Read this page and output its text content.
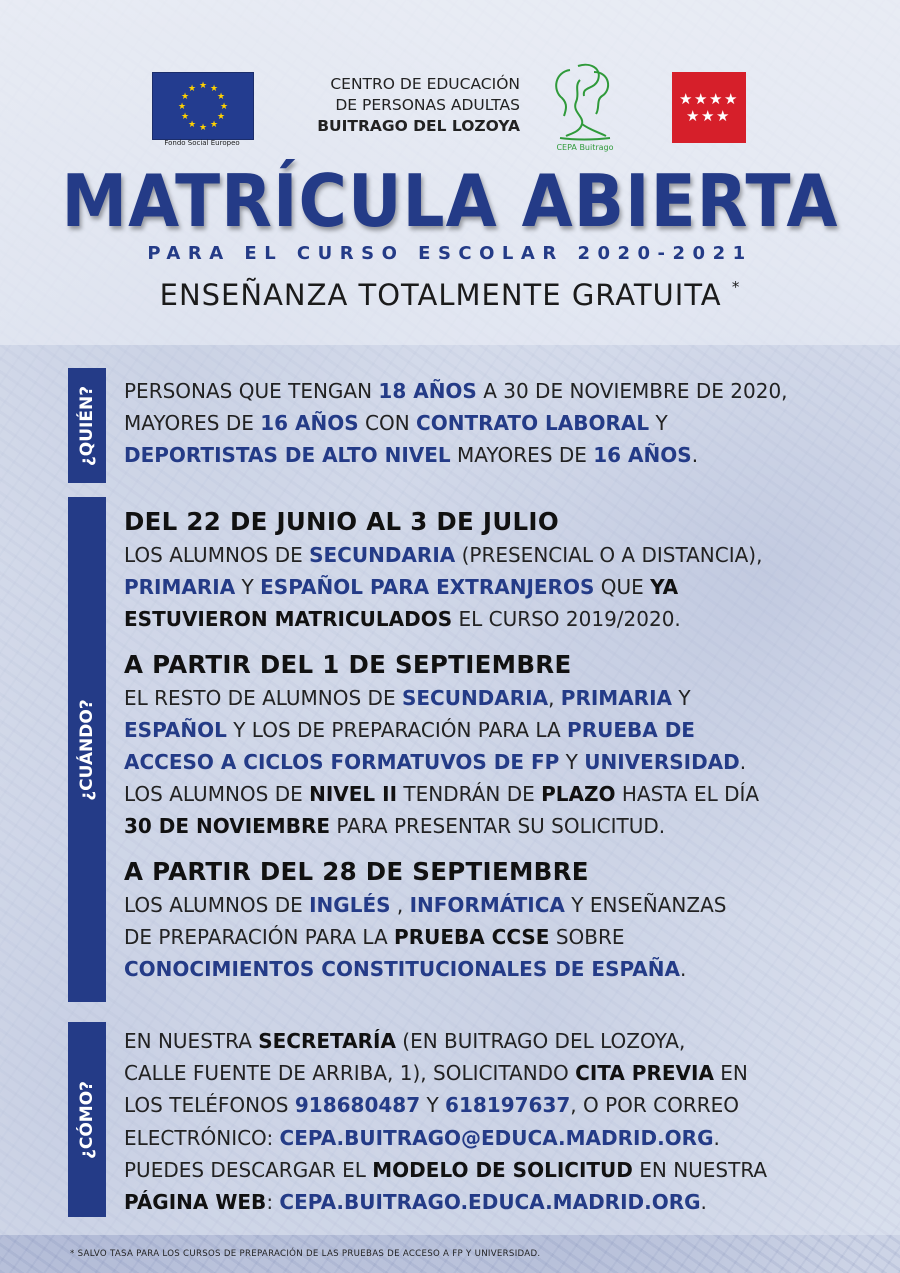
★ ★
★
★
★
★
★
★
★
★
★
★
Fondo Social Europeo
CENTRO DE EDUCACIÓN
DE PERSONAS ADULTAS
BUITRAGO DEL LOZOYA
CEPA Buitrago
★ ★ ★ ★
★ ★ ★
MATRÍCULA ABIERTA
PARA EL CURSO ESCOLAR 2020-2021
ENSEÑANZA TOTALMENTE GRATUITA *
¿QUIÉN? PERSONAS QUE TENGAN 18 AÑOS A 30 DE NOVIEMBRE DE 2020,
MAYORES DE 16 AÑOS CON CONTRATO LABORAL Y
DEPORTISTAS DE ALTO NIVEL MAYORES DE 16 AÑOS.
¿CUÁNDO?
DEL 22 DE JUNIO AL 3 DE JULIO
LOS ALUMNOS DE SECUNDARIA (PRESENCIAL O A DISTANCIA),
PRIMARIA Y ESPAÑOL PARA EXTRANJEROS QUE YA
ESTUVIERON MATRICULADOS EL CURSO 2019/2020.
A PARTIR DEL 1 DE SEPTIEMBRE
EL RESTO DE ALUMNOS DE SECUNDARIA, PRIMARIA Y
ESPAÑOL Y LOS DE PREPARACIÓN PARA LA PRUEBA DE
ACCESO A CICLOS FORMATUVOS DE FP Y UNIVERSIDAD.
LOS ALUMNOS DE NIVEL II TENDRÁN DE PLAZO HASTA EL DÍA
30 DE NOVIEMBRE PARA PRESENTAR SU SOLICITUD.
A PARTIR DEL 28 DE SEPTIEMBRE
LOS ALUMNOS DE INGLÉS , INFORMÁTICA Y ENSEÑANZAS
DE PREPARACIÓN PARA LA PRUEBA CCSE SOBRE
CONOCIMIENTOS CONSTITUCIONALES DE ESPAÑA.
¿CÓMO?
EN NUESTRA SECRETARÍA (EN BUITRAGO DEL LOZOYA,
CALLE FUENTE DE ARRIBA, 1), SOLICITANDO CITA PREVIA EN
LOS TELÉFONOS 918680487 Y 618197637, O POR CORREO
ELECTRÓNICO: CEPA.BUITRAGO@EDUCA.MADRID.ORG.
PUEDES DESCARGAR EL MODELO DE SOLICITUD EN NUESTRA
PÁGINA WEB: CEPA.BUITRAGO.EDUCA.MADRID.ORG.
* SALVO TASA PARA LOS CURSOS DE PREPARACIÓN DE LAS PRUEBAS DE ACCESO A FP Y UNIVERSIDAD.
